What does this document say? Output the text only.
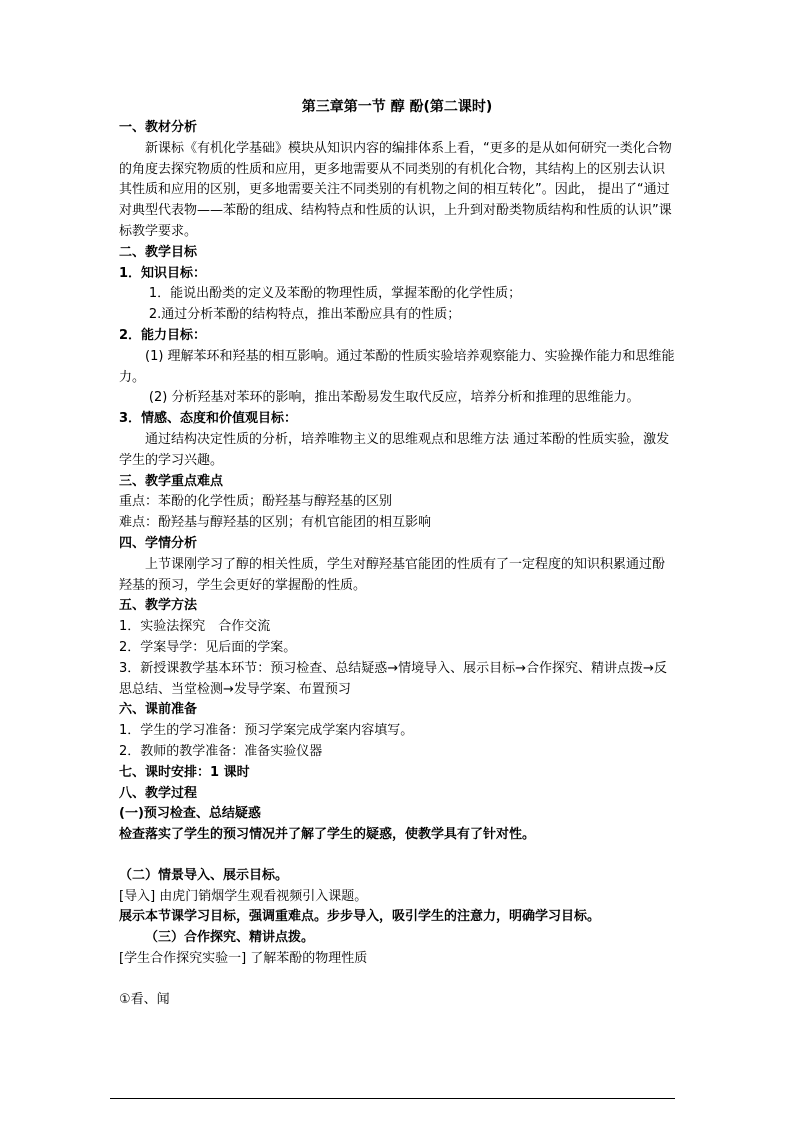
第三章第一节 醇 酚(第二课时)
一、教材分析
新课标《有机化学基础》模块从知识内容的编排体系上看，“更多的是从如何研究一类化合物的角度去探究物质的性质和应用，更多地需要从不同类别的有机化合物，其结构上的区别去认识其性质和应用的区别，更多地需要关注不同类别的有机物之间的相互转化”。因此， 提出了“通过对典型代表物——苯酚的组成、结构特点和性质的认识，上升到对酚类物质结构和性质的认识”课标教学要求。
二、教学目标
1．知识目标：
1．能说出酚类的定义及苯酚的物理性质，掌握苯酚的化学性质；
2.通过分析苯酚的结构特点，推出苯酚应具有的性质；
2．能力目标：
(1) 理解苯环和羟基的相互影响。通过苯酚的性质实验培养观察能力、实验操作能力和思维能力。
(2) 分析羟基对苯环的影响，推出苯酚易发生取代反应，培养分析和推理的思维能力。
3．情感、态度和价值观目标：
通过结构决定性质的分析，培养唯物主义的思维观点和思维方法 通过苯酚的性质实验，激发学生的学习兴趣。
三、教学重点难点
重点：苯酚的化学性质；酚羟基与醇羟基的区别
难点：酚羟基与醇羟基的区别；有机官能团的相互影响
四、学情分析
上节课刚学习了醇的相关性质，学生对醇羟基官能团的性质有了一定程度的知识积累通过酚羟基的预习，学生会更好的掌握酚的性质。
五、教学方法
1．实验法探究　合作交流
2．学案导学：见后面的学案。
3．新授课教学基本环节：预习检查、总结疑惑→情境导入、展示目标→合作探究、精讲点拨→反思总结、当堂检测→发导学案、布置预习
六、课前准备
1．学生的学习准备：预习学案完成学案内容填写。
2．教师的教学准备：准备实验仪器
七、课时安排：1 课时
八、教学过程
(一)预习检查、总结疑惑
检查落实了学生的预习情况并了解了学生的疑惑，使教学具有了针对性。
（二）情景导入、展示目标。
[导入] 由虎门销烟学生观看视频引入课题。
展示本节课学习目标，强调重难点。步步导入，吸引学生的注意力，明确学习目标。
（三）合作探究、精讲点拨。
[学生合作探究实验一] 了解苯酚的物理性质
①看、闻
